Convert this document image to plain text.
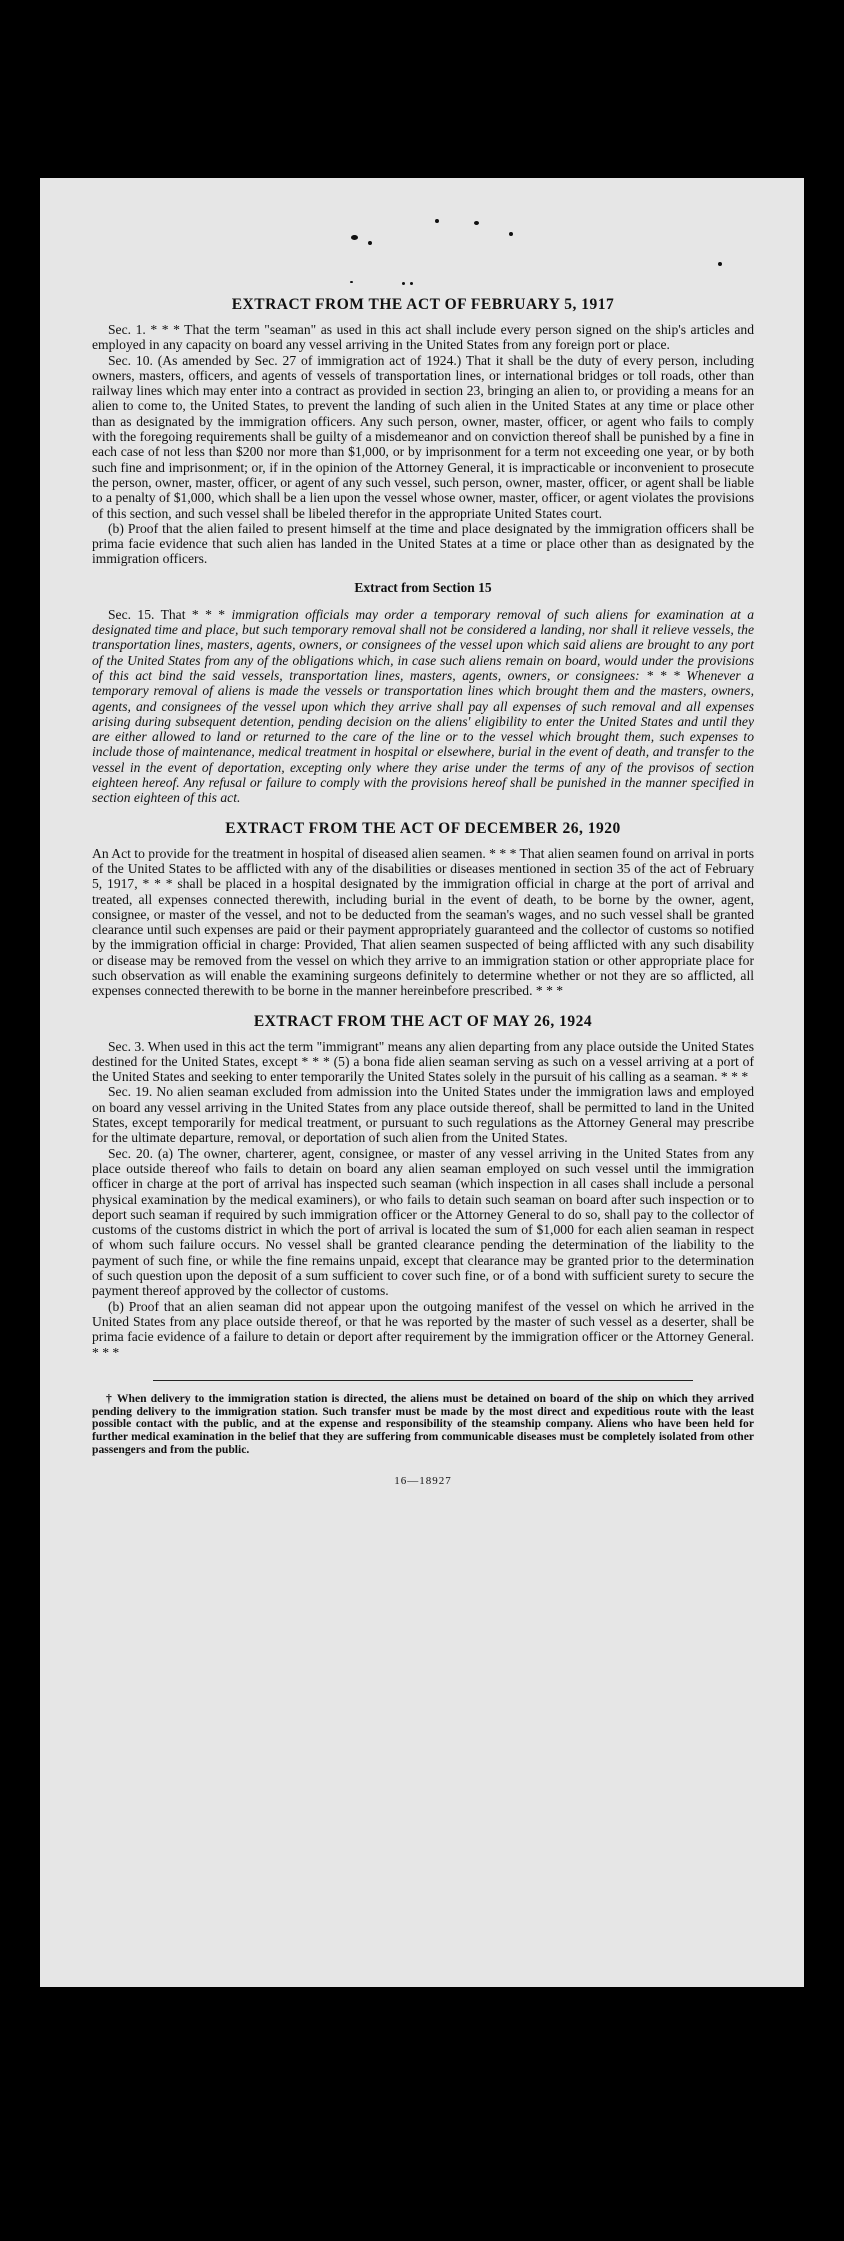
EXTRACT FROM THE ACT OF FEBRUARY 5, 1917

Sec. 1. * * * That the term "seaman" as used in this act shall include every person signed on the ship's articles and employed in any capacity on board any vessel arriving in the United States from any foreign port or place.

Sec. 10. (As amended by Sec. 27 of immigration act of 1924.) That it shall be the duty of every person, including owners, masters, officers, and agents of vessels of transportation lines, or international bridges or toll roads, other than railway lines which may enter into a contract as provided in section 23, bringing an alien to, or providing a means for an alien to come to, the United States, to prevent the landing of such alien in the United States at any time or place other than as designated by the immigration officers. Any such person, owner, master, officer, or agent who fails to comply with the foregoing requirements shall be guilty of a misdemeanor and on conviction thereof shall be punished by a fine in each case of not less than $200 nor more than $1,000, or by imprisonment for a term not exceeding one year, or by both such fine and imprisonment; or, if in the opinion of the Attorney General, it is impracticable or inconvenient to prosecute the person, owner, master, officer, or agent of any such vessel, such person, owner, master, officer, or agent shall be liable to a penalty of $1,000, which shall be a lien upon the vessel whose owner, master, officer, or agent violates the provisions of this section, and such vessel shall be libeled therefor in the appropriate United States court.

(b) Proof that the alien failed to present himself at the time and place designated by the immigration officers shall be prima facie evidence that such alien has landed in the United States at a time or place other than as designated by the immigration officers.

Extract from Section 15

Sec. 15. That * * * immigration officials may order a temporary removal of such aliens for examination at a designated time and place, but such temporary removal shall not be considered a landing, nor shall it relieve vessels, the transportation lines, masters, agents, owners, or consignees of the vessel upon which said aliens are brought to any port of the United States from any of the obligations which, in case such aliens remain on board, would under the provisions of this act bind the said vessels, transportation lines, masters, agents, owners, or consignees: * * * Whenever a temporary removal of aliens is made the vessels or transportation lines which brought them and the masters, owners, agents, and consignees of the vessel upon which they arrive shall pay all expenses of such removal and all expenses arising during subsequent detention, pending decision on the aliens' eligibility to enter the United States and until they are either allowed to land or returned to the care of the line or to the vessel which brought them, such expenses to include those of maintenance, medical treatment in hospital or elsewhere, burial in the event of death, and transfer to the vessel in the event of deportation, excepting only where they arise under the terms of any of the provisos of section eighteen hereof. Any refusal or failure to comply with the provisions hereof shall be punished in the manner specified in section eighteen of this act.

EXTRACT FROM THE ACT OF DECEMBER 26, 1920

An Act to provide for the treatment in hospital of diseased alien seamen. * * * That alien seamen found on arrival in ports of the United States to be afflicted with any of the disabilities or diseases mentioned in section 35 of the act of February 5, 1917, * * * shall be placed in a hospital designated by the immigration official in charge at the port of arrival and treated, all expenses connected therewith, including burial in the event of death, to be borne by the owner, agent, consignee, or master of the vessel, and not to be deducted from the seaman's wages, and no such vessel shall be granted clearance until such expenses are paid or their payment appropriately guaranteed and the collector of customs so notified by the immigration official in charge: Provided, That alien seamen suspected of being afflicted with any such disability or disease may be removed from the vessel on which they arrive to an immigration station or other appropriate place for such observation as will enable the examining surgeons definitely to determine whether or not they are so afflicted, all expenses connected therewith to be borne in the manner hereinbefore prescribed. * * *

EXTRACT FROM THE ACT OF MAY 26, 1924

Sec. 3. When used in this act the term "immigrant" means any alien departing from any place outside the United States destined for the United States, except * * * (5) a bona fide alien seaman serving as such on a vessel arriving at a port of the United States and seeking to enter temporarily the United States solely in the pursuit of his calling as a seaman. * * *

Sec. 19. No alien seaman excluded from admission into the United States under the immigration laws and employed on board any vessel arriving in the United States from any place outside thereof, shall be permitted to land in the United States, except temporarily for medical treatment, or pursuant to such regulations as the Attorney General may prescribe for the ultimate departure, removal, or deportation of such alien from the United States.

Sec. 20. (a) The owner, charterer, agent, consignee, or master of any vessel arriving in the United States from any place outside thereof who fails to detain on board any alien seaman employed on such vessel until the immigration officer in charge at the port of arrival has inspected such seaman (which inspection in all cases shall include a personal physical examination by the medical examiners), or who fails to detain such seaman on board after such inspection or to deport such seaman if required by such immigration officer or the Attorney General to do so, shall pay to the collector of customs of the customs district in which the port of arrival is located the sum of $1,000 for each alien seaman in respect of whom such failure occurs. No vessel shall be granted clearance pending the determination of the liability to the payment of such fine, or while the fine remains unpaid, except that clearance may be granted prior to the determination of such question upon the deposit of a sum sufficient to cover such fine, or of a bond with sufficient surety to secure the payment thereof approved by the collector of customs.

(b) Proof that an alien seaman did not appear upon the outgoing manifest of the vessel on which he arrived in the United States from any place outside thereof, or that he was reported by the master of such vessel as a deserter, shall be prima facie evidence of a failure to detain or deport after requirement by the immigration officer or the Attorney General. * * *

† When delivery to the immigration station is directed, the aliens must be detained on board of the ship on which they arrived pending delivery to the immigration station. Such transfer must be made by the most direct and expeditious route with the least possible contact with the public, and at the expense and responsibility of the steamship company. Aliens who have been held for further medical examination in the belief that they are suffering from communicable diseases must be completely isolated from other passengers and from the public.

16—18927
